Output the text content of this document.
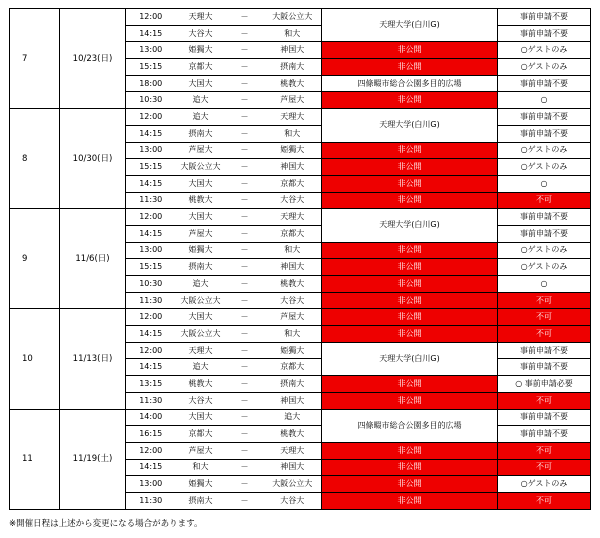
7	10/23(日)	12:00	天理大	－	大阪公立大	天理大学(白川G)	事前申請不要
		14:15	大谷大	－	和大		事前申請不要
		13:00	姫獨大	－	神国大	非公開	○ゲストのみ
		15:15	京都大	－	摂南大	非公開	○ゲストのみ
		18:00	大国大	－	桃教大	四條畷市総合公園多目的広場	事前申請不要
		10:30	追大	－	芦屋大	非公開	○
8	10/30(日)	12:00	追大	－	天理大	天理大学(白川G)	事前申請不要
		14:15	摂南大	－	和大		事前申請不要
		13:00	芦屋大	－	姫獨大	非公開	○ゲストのみ
		15:15	大阪公立大	－	神国大	非公開	○ゲストのみ
		14:15	大国大	－	京都大	非公開	○
		11:30	桃教大	－	大谷大	非公開	不可
9	11/6(日)	12:00	大国大	－	天理大	天理大学(白川G)	事前申請不要
		14:15	芦屋大	－	京都大		事前申請不要
		13:00	姫獨大	－	和大	非公開	○ゲストのみ
		15:15	摂南大	－	神国大	非公開	○ゲストのみ
		10:30	追大	－	桃教大	非公開	○
		11:30	大阪公立大	－	大谷大	非公開	不可
10	11/13(日)	12:00	大国大	－	芦屋大	非公開	不可
		14:15	大阪公立大	－	和大	非公開	不可
		12:00	天理大	－	姫獨大	天理大学(白川G)	事前申請不要
		14:15	追大	－	京都大		事前申請不要
		13:15	桃教大	－	摂南大	非公開	○ 事前申請必要
		11:30	大谷大	－	神国大	非公開	不可
11	11/19(土)	14:00	大国大	－	追大	四條畷市総合公園多目的広場	事前申請不要
		16:15	京都大	－	桃教大		事前申請不要
		12:00	芦屋大	－	天理大	非公開	不可
		14:15	和大	－	神国大	非公開	不可
		13:00	姫獨大	－	大阪公立大	非公開	○ゲストのみ
		11:30	摂南大	－	大谷大	非公開	不可
※開催日程は上述から変更になる場合があります。
